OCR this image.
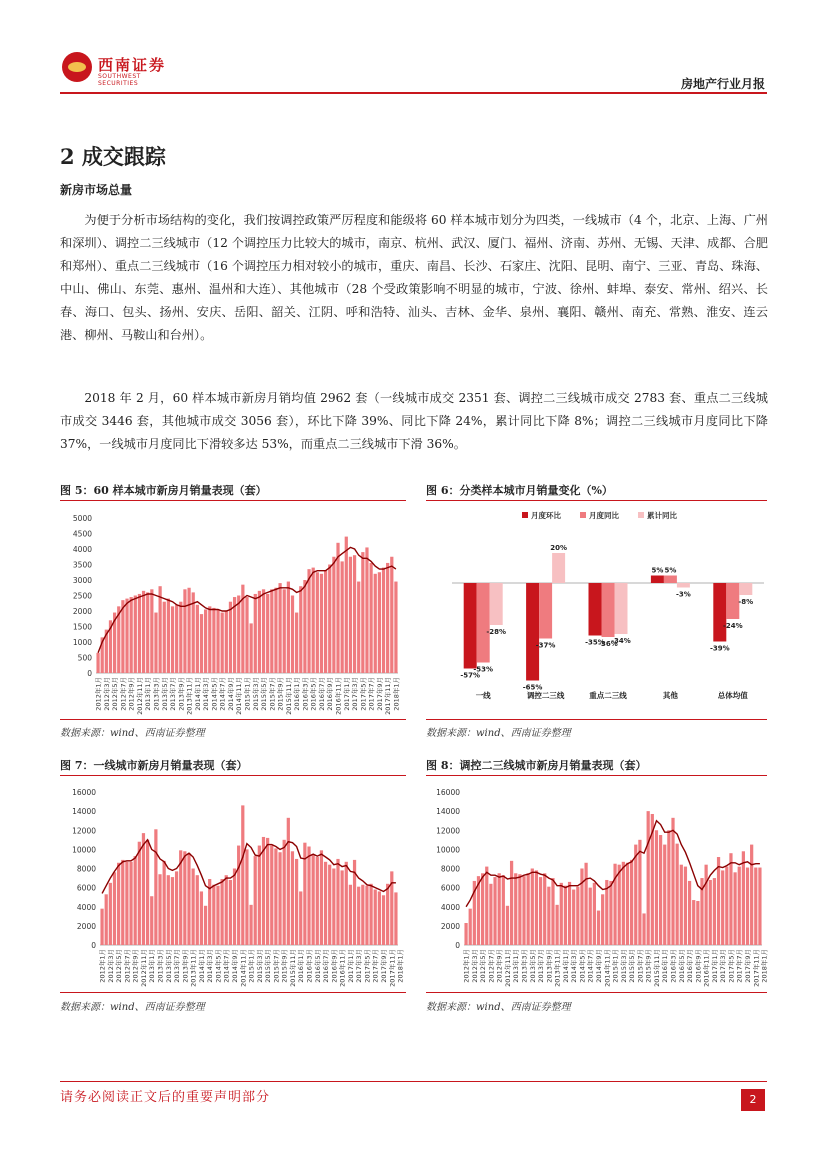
西南证券
SOUTHWEST SECURITIES	房地产行业月报
2 成交跟踪
新房市场总量
为便于分析市场结构的变化，我们按调控政策严厉程度和能级将 60 样本城市划分为四类，一线城市（4 个，北京、上海、广州和深圳）、调控二三线城市（12 个调控压力比较大的城市，南京、杭州、武汉、厦门、福州、济南、苏州、无锡、天津、成都、合肥和郑州）、重点二三线城市（16 个调控压力相对较小的城市，重庆、南昌、长沙、石家庄、沈阳、昆明、南宁、三亚、青岛、珠海、中山、佛山、东莞、惠州、温州和大连）、其他城市（28 个受政策影响不明显的城市，宁波、徐州、蚌埠、泰安、常州、绍兴、长春、海口、包头、扬州、安庆、岳阳、韶关、江阴、呼和浩特、汕头、吉林、金华、泉州、襄阳、赣州、南充、常熟、淮安、连云港、柳州、马鞍山和台州）。
2018 年 2 月，60 样本城市新房月销均值 2962 套（一线城市成交 2351 套、调控二三线城市成交 2783 套、重点二三线城市成交 3446 套，其他城市成交 3056 套），环比下降 39%、同比下降 24%，累计同比下降 8%；调控二三线城市月度同比下降 37%，一线城市月度同比下滑较多达 53%，而重点二三线城市下滑 36%。
图 5：60 样本城市新房月销量表现（套）
0
500
1000
1500
2000
2500
3000
3500
4000
4500
5000
2012年1月 2012年3月 2012年5月 2012年7月 2012年9月 2012年11月 2013年1月 2013年3月 2013年5月 2013年7月 2013年9月 2013年11月 2014年1月 2014年3月 2014年5月 2014年7月 2014年9月 2014年11月 2015年1月 2015年3月 2015年5月 2015年7月 2015年9月 2015年11月 2016年1月 2016年3月 2016年5月 2016年7月 2016年9月 2016年11月 2017年1月 2017年3月 2017年5月 2017年7月 2017年9月 2017年11月 2018年1月
数据来源：wind、西南证券整理
图 6：分类样本城市月销量变化（%）
月度环比	月度同比	累计同比
-57%
-53%
-28%
一线
-65%
-37%
20%
调控二三线
-35%
-36%
-34%
重点二三线
5% 5%
-3%
其他
-39%
-24%
-8%
总体均值
数据来源：wind、西南证券整理
图 7：一线城市新房月销量表现（套）
0
2000
4000
6000
8000
10000
12000
14000
16000
2012年1月 2012年3月 2012年5月 2012年7月 2012年9月 2012年11月 2013年1月 2013年3月 2013年5月 2013年7月 2013年9月 2013年11月 2014年1月 2014年3月 2014年5月 2014年7月 2014年9月 2014年11月 2015年1月 2015年3月 2015年5月 2015年7月 2015年9月 2015年11月 2016年1月 2016年3月 2016年5月 2016年7月 2016年9月 2016年11月 2017年1月 2017年3月 2017年5月 2017年7月 2017年9月 2017年11月 2018年1月
数据来源：wind、西南证券整理
图 8：调控二三线城市新房月销量表现（套）
0
2000
4000
6000
8000
10000
12000
14000
16000
2012年1月 2012年3月 2012年5月 2012年7月 2012年9月 2012年11月 2013年1月 2013年3月 2013年5月 2013年7月 2013年9月 2013年11月 2014年1月 2014年3月 2014年5月 2014年7月 2014年9月 2014年11月 2015年1月 2015年3月 2015年5月 2015年7月 2015年9月 2015年11月 2016年1月 2016年3月 2016年5月 2016年7月 2016年9月 2016年11月 2017年1月 2017年3月 2017年5月 2017年7月 2017年9月 2017年11月 2018年1月
数据来源：wind、西南证券整理
请务必阅读正文后的重要声明部分	2
